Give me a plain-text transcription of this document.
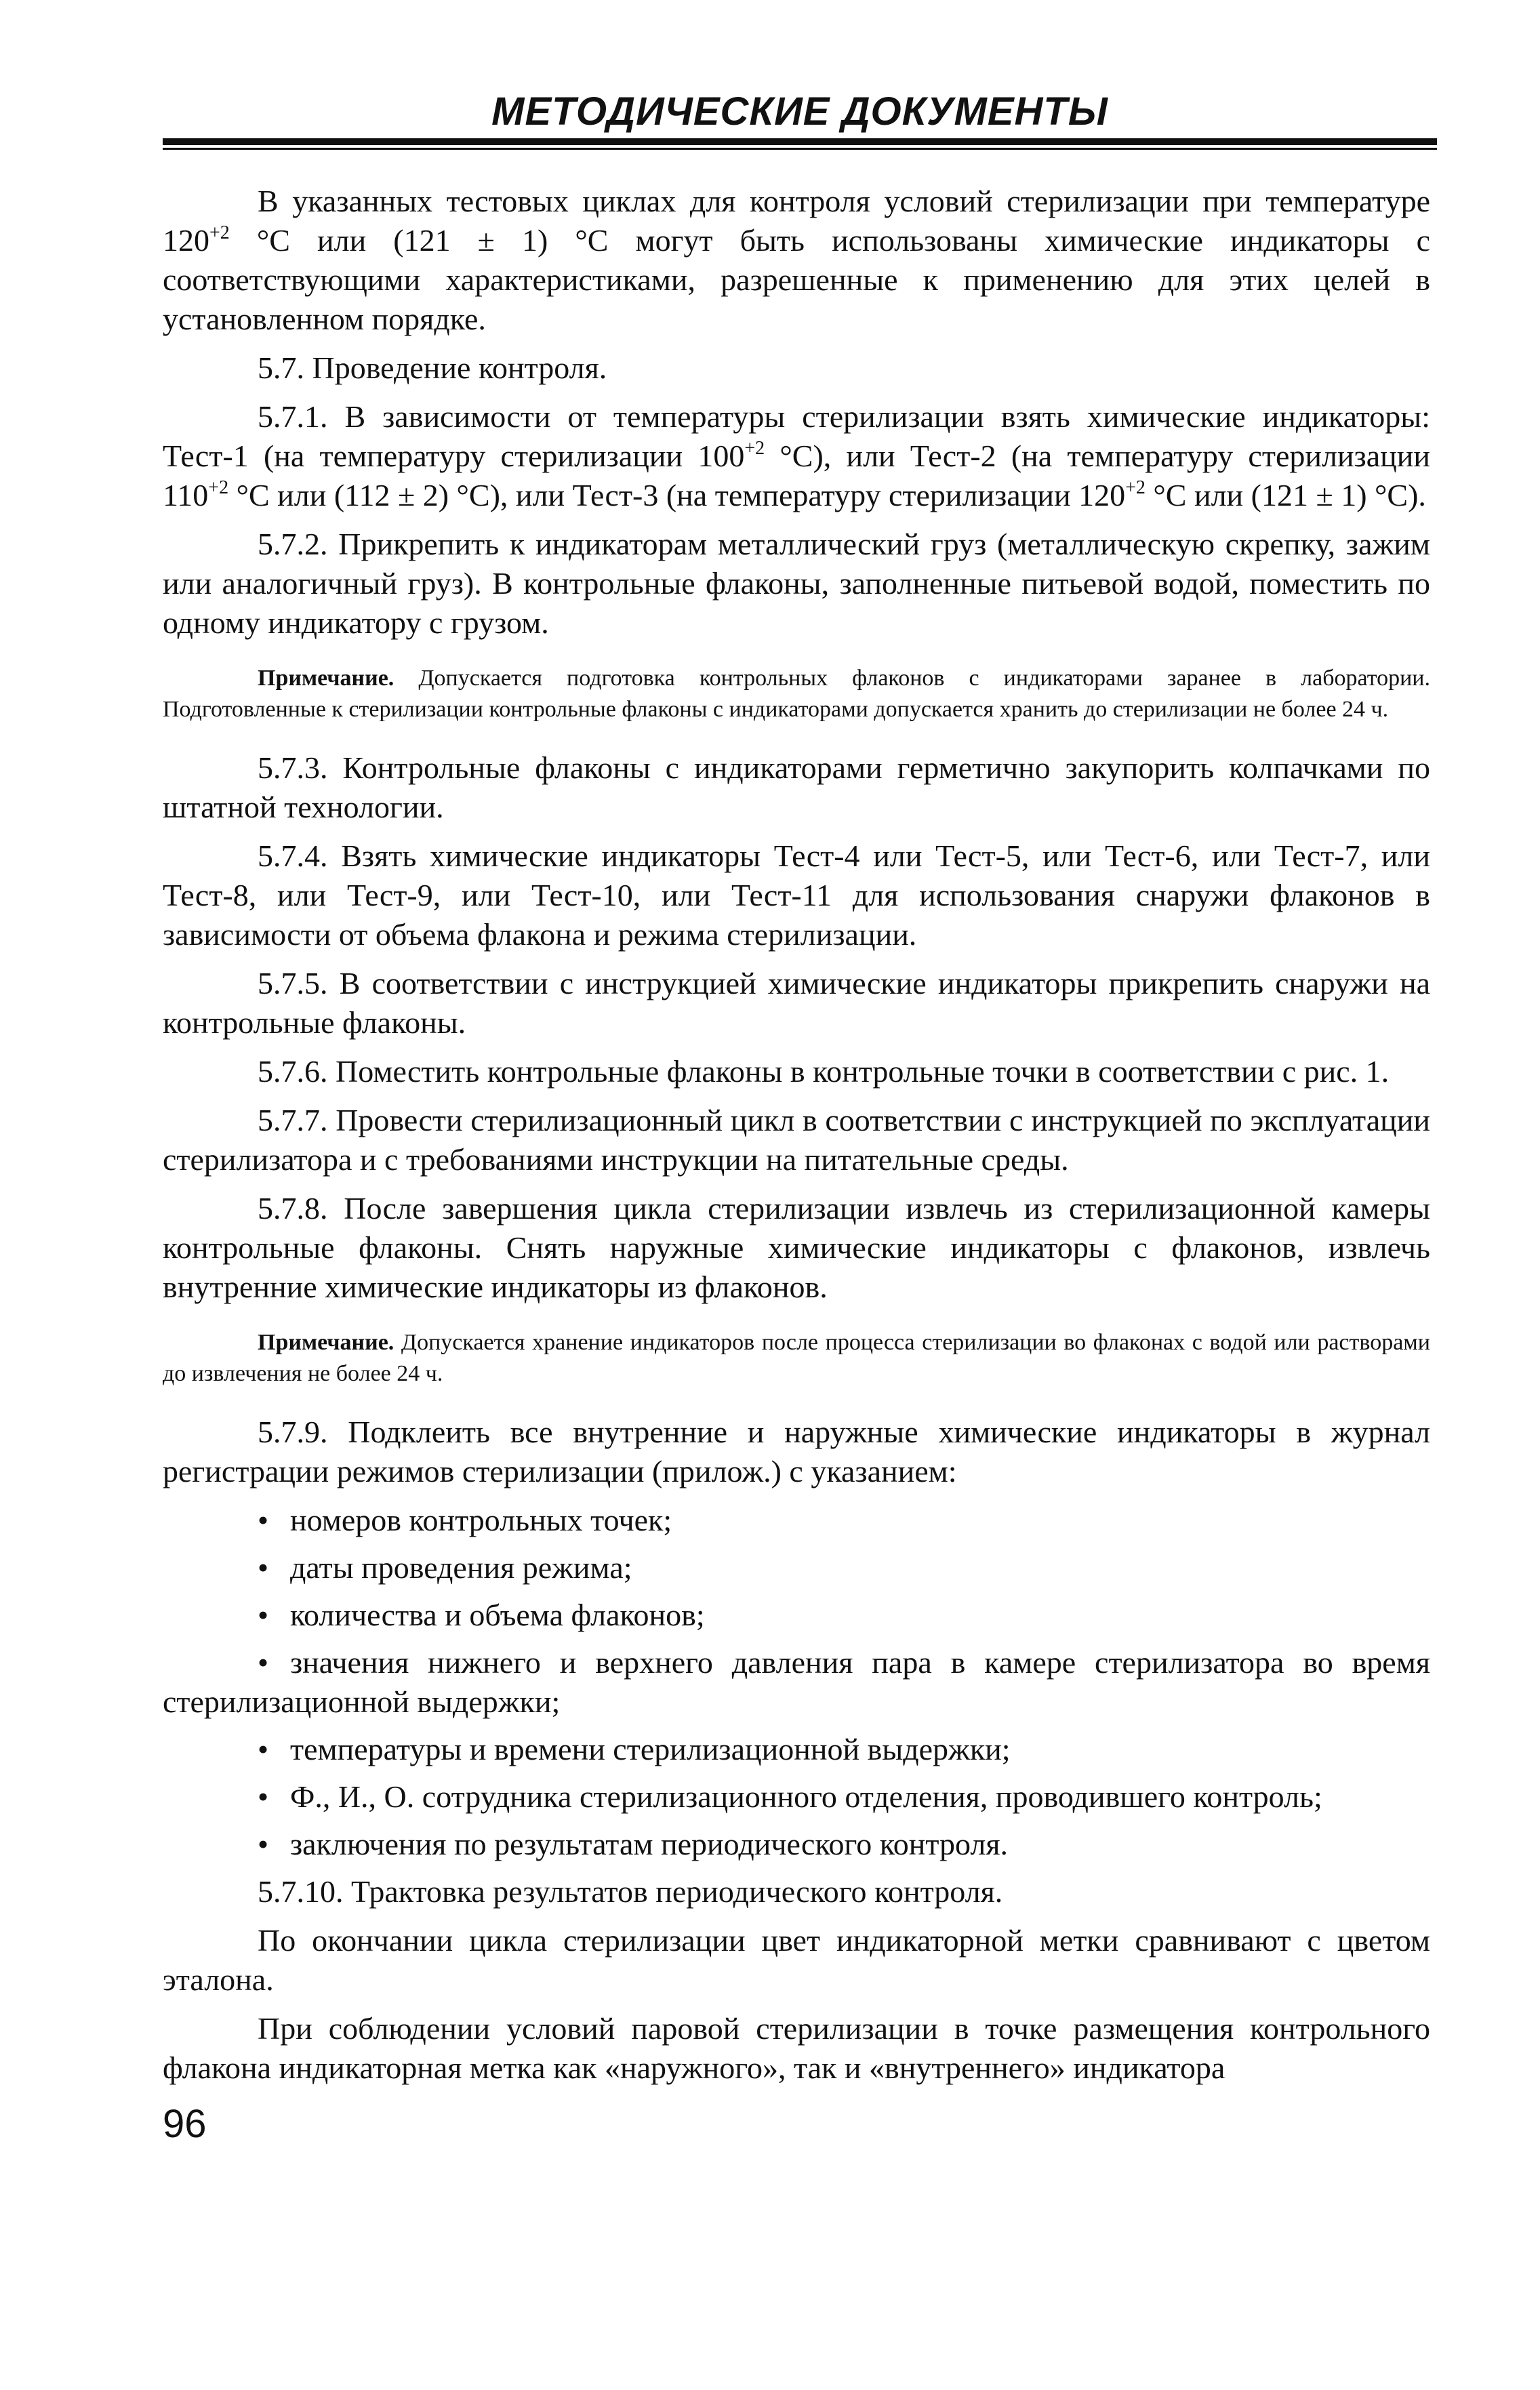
МЕТОДИЧЕСКИЕ ДОКУМЕНТЫ

В указанных тестовых циклах для контроля условий стерилизации при температуре $120^{+2}$ °С или (121 ± 1) °С могут быть использованы химические индикаторы с соответствующими характеристиками, разрешенные к применению для этих целей в установленном порядке.

5.7. Проведение контроля.

5.7.1. В зависимости от температуры стерилизации взять химические индикаторы: Тест-1 (на температуру стерилизации $100^{+2}$ °С), или Тест-2 (на температуру стерилизации $110^{+2}$ °С или (112 ± 2) °С), или Тест-3 (на температуру стерилизации $120^{+2}$ °С или (121 ± 1) °С).

5.7.2. Прикрепить к индикаторам металлический груз (металлическую скрепку, зажим или аналогичный груз). В контрольные флаконы, заполненные питьевой водой, поместить по одному индикатору с грузом.

Примечание. Допускается подготовка контрольных флаконов с индикаторами заранее в лаборатории. Подготовленные к стерилизации контрольные флаконы с индикаторами допускается хранить до стерилизации не более 24 ч.

5.7.3. Контрольные флаконы с индикаторами герметично закупорить колпачками по штатной технологии.

5.7.4. Взять химические индикаторы Тест-4 или Тест-5, или Тест-6, или Тест-7, или Тест-8, или Тест-9, или Тест-10, или Тест-11 для использования снаружи флаконов в зависимости от объема флакона и режима стерилизации.

5.7.5. В соответствии с инструкцией химические индикаторы прикрепить снаружи на контрольные флаконы.

5.7.6. Поместить контрольные флаконы в контрольные точки в соответствии с рис. 1.

5.7.7. Провести стерилизационный цикл в соответствии с инструкцией по эксплуатации стерилизатора и с требованиями инструкции на питательные среды.

5.7.8. После завершения цикла стерилизации извлечь из стерилизационной камеры контрольные флаконы. Снять наружные химические индикаторы с флаконов, извлечь внутренние химические индикаторы из флаконов.

Примечание. Допускается хранение индикаторов после процесса стерилизации во флаконах с водой или растворами до извлечения не более 24 ч.

5.7.9. Подклеить все внутренние и наружные химические индикаторы в журнал регистрации режимов стерилизации (прилож.) с указанием:

• номеров контрольных точек;

• даты проведения режима;

• количества и объема флаконов;

• значения нижнего и верхнего давления пара в камере стерилизатора во время стерилизационной выдержки;

• температуры и времени стерилизационной выдержки;

• Ф., И., О. сотрудника стерилизационного отделения, проводившего контроль;

• заключения по результатам периодического контроля.

5.7.10. Трактовка результатов периодического контроля.

По окончании цикла стерилизации цвет индикаторной метки сравнивают с цветом эталона.

При соблюдении условий паровой стерилизации в точке размещения контрольного флакона индикаторная метка как «наружного», так и «внутреннего» индикатора

96
